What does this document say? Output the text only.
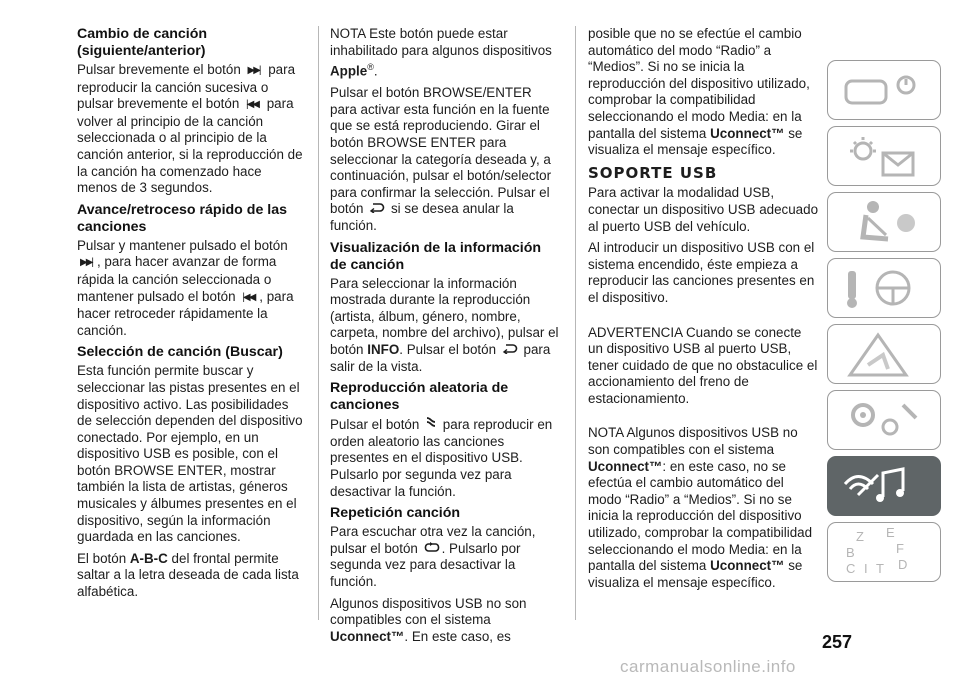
Cambio de canción (siguiente/anterior)

Pulsar brevemente el botón ▶▶| para reproducir la canción sucesiva o pulsar brevemente el botón |◀◀ para volver al principio de la canción seleccionada o al principio de la canción anterior, si la reproducción de la canción ha comenzado hace menos de 3 segundos.

Avance/retroceso rápido de las canciones

Pulsar y mantener pulsado el botón ▶▶| , para hacer avanzar de forma rápida la canción seleccionada o mantener pulsado el botón |◀◀ , para hacer retroceder rápidamente la canción.

Selección de canción (Buscar)

Esta función permite buscar y seleccionar las pistas presentes en el dispositivo activo. Las posibilidades de selección dependen del dispositivo conectado. Por ejemplo, en un dispositivo USB es posible, con el botón BROWSE ENTER, mostrar también la lista de artistas, géneros musicales y álbumes presentes en el dispositivo, según la información guardada en las canciones.

El botón A-B-C del frontal permite saltar a la letra deseada de cada lista alfabética.

NOTA Este botón puede estar inhabilitado para algunos dispositivos Apple®.

Pulsar el botón BROWSE/ENTER para activar esta función en la fuente que se está reproduciendo. Girar el botón BROWSE ENTER para seleccionar la categoría deseada y, a continuación, pulsar el botón/selector para confirmar la selección. Pulsar el botón si se desea anular la función.

Visualización de la información de canción

Para seleccionar la información mostrada durante la reproducción (artista, álbum, género, nombre, carpeta, nombre del archivo), pulsar el botón INFO. Pulsar el botón para salir de la vista.

Reproducción aleatoria de canciones

Pulsar el botón para reproducir en orden aleatorio las canciones presentes en el dispositivo USB. Pulsarlo por segunda vez para desactivar la función.

Repetición canción

Para escuchar otra vez la canción, pulsar el botón . Pulsarlo por segunda vez para desactivar la función.

Algunos dispositivos USB no son compatibles con el sistema Uconnect™. En este caso, es

posible que no se efectúe el cambio automático del modo “Radio” a “Medios”. Si no se inicia la reproducción del dispositivo utilizado, comprobar la compatibilidad seleccionando el modo Media: en la pantalla del sistema Uconnect™ se visualiza el mensaje específico.

SOPORTE USB

Para activar la modalidad USB, conectar un dispositivo USB adecuado al puerto USB del vehículo.

Al introducir un dispositivo USB con el sistema encendido, éste empieza a reproducir las canciones presentes en el dispositivo.

ADVERTENCIA Cuando se conecte un dispositivo USB al puerto USB, tener cuidado de que no obstaculice el accionamiento del freno de estacionamiento.

NOTA Algunos dispositivos USB no son compatibles con el sistema Uconnect™: en este caso, no se efectúa el cambio automático del modo “Radio” a “Medios”. Si no se inicia la reproducción del dispositivo utilizado, comprobar la compatibilidad seleccionando el modo Media: en la pantalla del sistema Uconnect™ se visualiza el mensaje específico.

Z E
B	F
I
C T D
257
carmanualsonline.info
